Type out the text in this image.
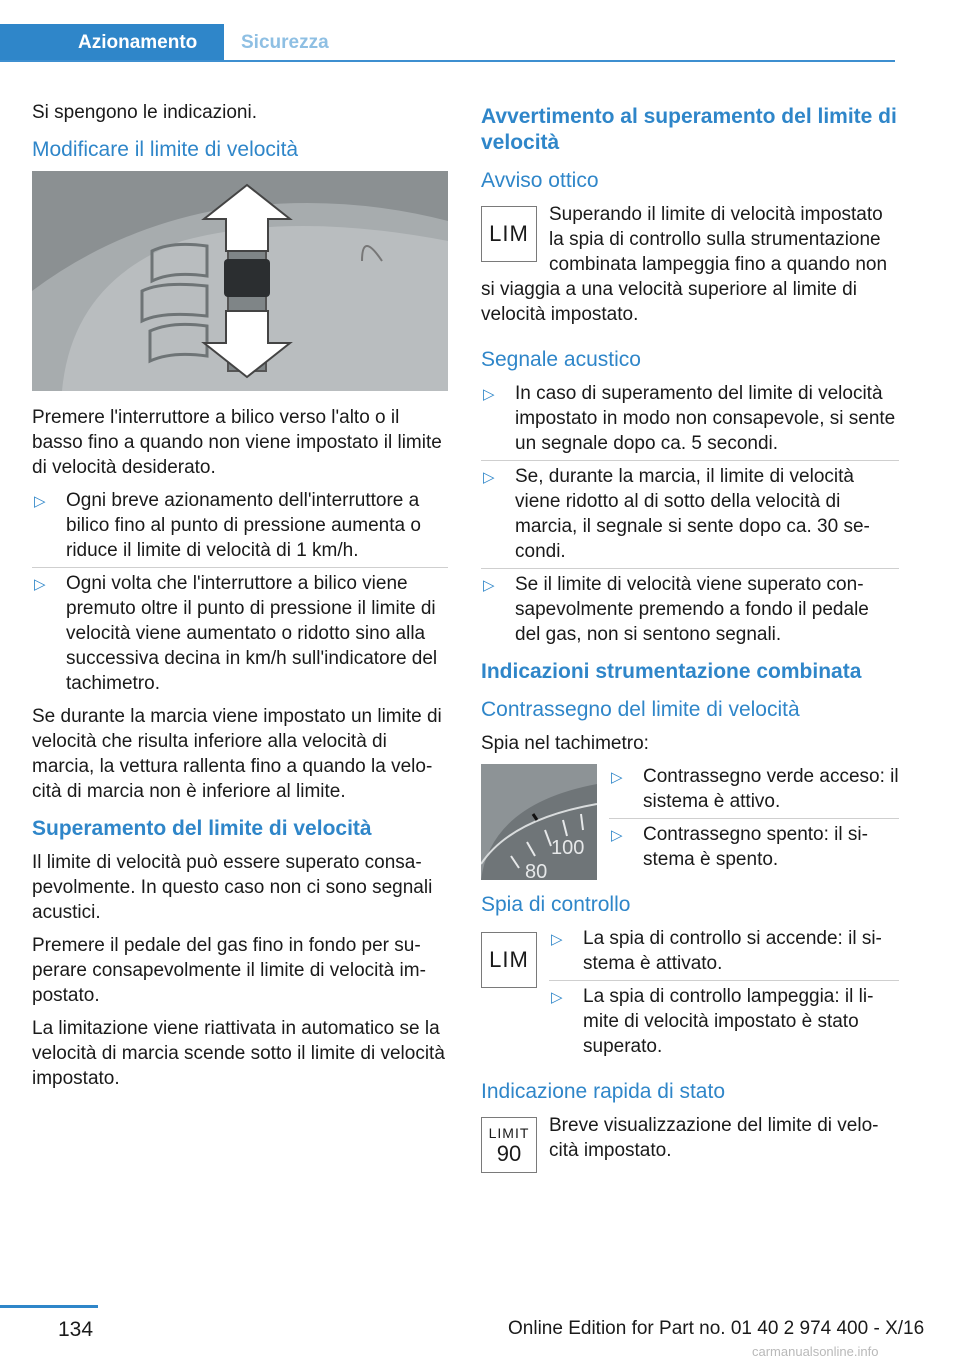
Azionamento	Sicurezza

Si spengono le indicazioni.

Modificare il limite di velocità

Premere l'interruttore a bilico verso l'alto o il basso fino a quando non viene impostato il limite di velocità desiderato.

▷ Ogni breve azionamento dell'interruttore a bilico fino al punto di pressione aumenta o riduce il limite di velocità di 1 km/h.
▷ Ogni volta che l'interruttore a bilico viene premuto oltre il punto di pressione il limite di velocità viene aumentato o ridotto sino alla successiva decina in km/h sull'indicatore del tachimetro.

Se durante la marcia viene impostato un limite di velocità che risulta inferiore alla velocità di marcia, la vettura rallenta fino a quando la velocità di marcia non è inferiore al limite.

Superamento del limite di velocità

Il limite di velocità può essere superato consapevolmente. In questo caso non ci sono segnali acustici.

Premere il pedale del gas fino in fondo per superare consapevolmente il limite di velocità impostato.

La limitazione viene riattivata in automatico se la velocità di marcia scende sotto il limite di velocità impostato.

Avvertimento al superamento del limite di velocità
Avviso ottico
LIM

Superando il limite di velocità impostato la spia di controllo sulla strumentazione combinata lampeggia fino a quando non si viaggia a una velocità superiore al limite di velocità impostato.

Segnale acustico
▷ In caso di superamento del limite di velocità impostato in modo non consapevole, si sente un segnale dopo ca. 5 secondi.
▷ Se, durante la marcia, il limite di velocità viene ridotto al di sotto della velocità di marcia, il segnale si sente dopo ca. 30 secondi.
▷ Se il limite di velocità viene superato consapevolmente premendo a fondo il pedale del gas, non si sentono segnali.
Indicazioni strumentazione combinata
Contrassegno del limite di velocità

Spia nel tachimetro:

100
80
▷ Contrassegno verde acceso: il sistema è attivo.
▷ Contrassegno spento: il sistema è spento.
Spia di controllo
LIM
▷ La spia di controllo si accende: il sistema è attivato.
▷ La spia di controllo lampeggia: il limite di velocità impostato è stato superato.
Indicazione rapida di stato
LIMIT
90

Breve visualizzazione del limite di velocità impostato.

134	Online Edition for Part no. 01 40 2 974 400 - X/16
carmanualsonline.info
